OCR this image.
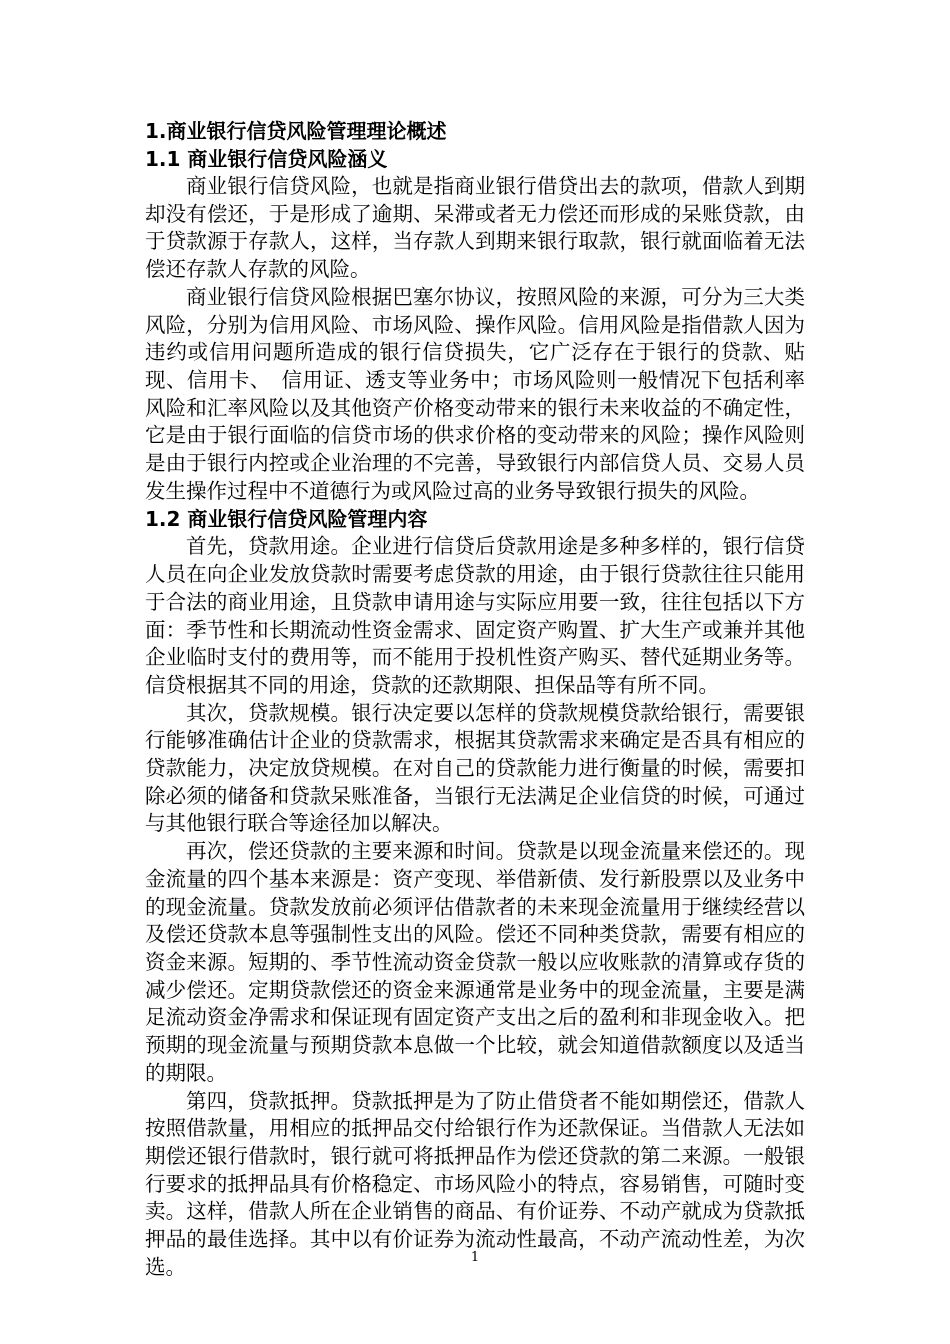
1.商业银行信贷风险管理理论概述
1.1 商业银行信贷风险涵义

商业银行信贷风险，也就是指商业银行借贷出去的款项，借款人到期却没有偿还，于是形成了逾期、呆滞或者无力偿还而形成的呆账贷款，由于贷款源于存款人，这样，当存款人到期来银行取款，银行就面临着无法偿还存款人存款的风险。

商业银行信贷风险根据巴塞尔协议，按照风险的来源，可分为三大类风险，分别为信用风险、市场风险、操作风险。信用风险是指借款人因为违约或信用问题所造成的银行信贷损失，它广泛存在于银行的贷款、贴现、信用卡、　信用证、透支等业务中；市场风险则一般情况下包括利率风险和汇率风险以及其他资产价格变动带来的银行未来收益的不确定性，它是由于银行面临的信贷市场的供求价格的变动带来的风险；操作风险则是由于银行内控或企业治理的不完善，导致银行内部信贷人员、交易人员发生操作过程中不道德行为或风险过高的业务导致银行损失的风险。

1.2 商业银行信贷风险管理内容

首先，贷款用途。企业进行信贷后贷款用途是多种多样的，银行信贷人员在向企业发放贷款时需要考虑贷款的用途，由于银行贷款往往只能用于合法的商业用途，且贷款申请用途与实际应用要一致，往往包括以下方面：季节性和长期流动性资金需求、固定资产购置、扩大生产或兼并其他企业临时支付的费用等，而不能用于投机性资产购买、替代延期业务等。信贷根据其不同的用途，贷款的还款期限、担保品等有所不同。

其次，贷款规模。银行决定要以怎样的贷款规模贷款给银行，需要银行能够准确估计企业的贷款需求，根据其贷款需求来确定是否具有相应的贷款能力，决定放贷规模。在对自己的贷款能力进行衡量的时候，需要扣除必须的储备和贷款呆账准备，当银行无法满足企业信贷的时候，可通过与其他银行联合等途径加以解决。

再次，偿还贷款的主要来源和时间。贷款是以现金流量来偿还的。现金流量的四个基本来源是：资产变现、举借新债、发行新股票以及业务中的现金流量。贷款发放前必须评估借款者的未来现金流量用于继续经营以及偿还贷款本息等强制性支出的风险。偿还不同种类贷款，需要有相应的资金来源。短期的、季节性流动资金贷款一般以应收账款的清算或存货的减少偿还。定期贷款偿还的资金来源通常是业务中的现金流量，主要是满足流动资金净需求和保证现有固定资产支出之后的盈利和非现金收入。把预期的现金流量与预期贷款本息做一个比较，就会知道借款额度以及适当的期限。

第四，贷款抵押。贷款抵押是为了防止借贷者不能如期偿还，借款人按照借款量，用相应的抵押品交付给银行作为还款保证。当借款人无法如期偿还银行借款时，银行就可将抵押品作为偿还贷款的第二来源。一般银行要求的抵押品具有价格稳定、市场风险小的特点，容易销售，可随时变卖。这样，借款人所在企业销售的商品、有价证券、不动产就成为贷款抵押品的最佳选择。其中以有价证券为流动性最高，不动产流动性差，为次选。	1
